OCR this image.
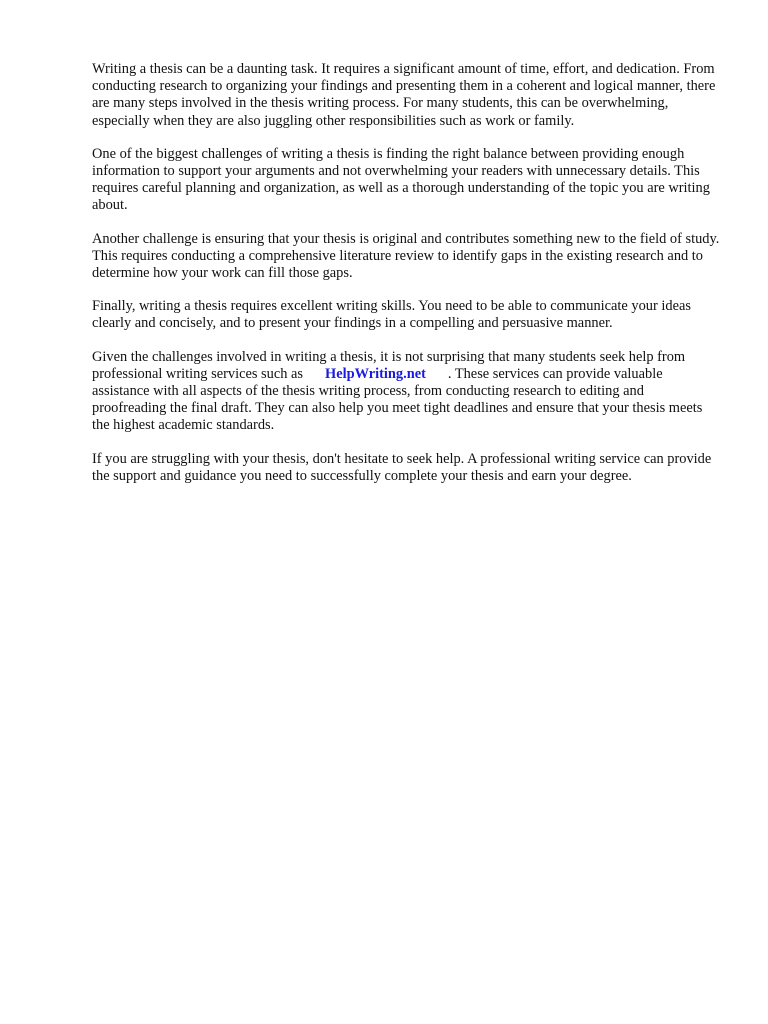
Writing a thesis can be a daunting task. It requires a significant amount of time, effort, and dedication. From conducting research to organizing your findings and presenting them in a coherent and logical manner, there are many steps involved in the thesis writing process. For many students, this can be overwhelming, especially when they are also juggling other responsibilities such as work or family.

One of the biggest challenges of writing a thesis is finding the right balance between providing enough information to support your arguments and not overwhelming your readers with unnecessary details. This requires careful planning and organization, as well as a thorough understanding of the topic you are writing about.

Another challenge is ensuring that your thesis is original and contributes something new to the field of study. This requires conducting a comprehensive literature review to identify gaps in the existing research and to determine how your work can fill those gaps.

Finally, writing a thesis requires excellent writing skills. You need to be able to communicate your ideas clearly and concisely, and to present your findings in a compelling and persuasive manner.

Given the challenges involved in writing a thesis, it is not surprising that many students seek help from professional writing services such as HelpWriting.net . These services can provide valuable assistance with all aspects of the thesis writing process, from conducting research to editing and proofreading the final draft. They can also help you meet tight deadlines and ensure that your thesis meets the highest academic standards.

If you are struggling with your thesis, don't hesitate to seek help. A professional writing service can provide the support and guidance you need to successfully complete your thesis and earn your degree.
